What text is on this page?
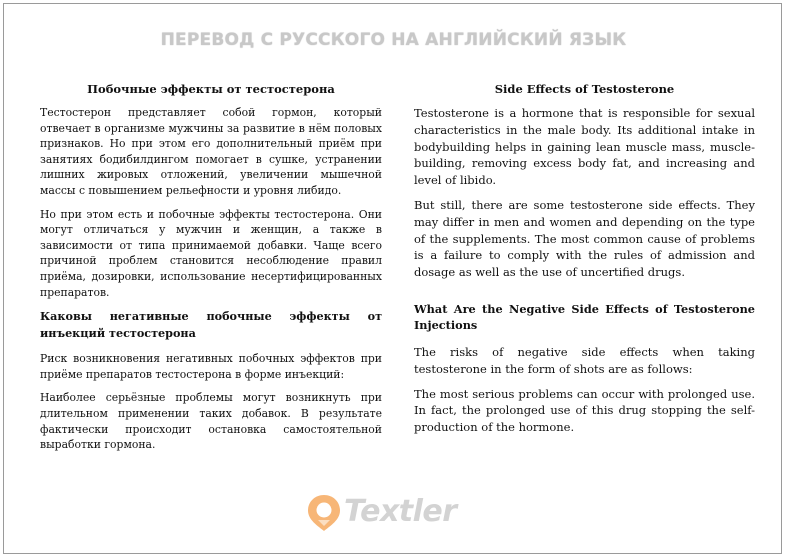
ПЕРЕВОД С РУССКОГО НА АНГЛИЙСКИЙ ЯЗЫК
Побочные эффекты от тестостерона

Тестостерон представляет собой гормон, который отвечает в организме мужчины за развитие в нём половых признаков. Но при этом его дополнительный приём при занятиях бодибилдингом помогает в сушке, устранении лишних жировых отложений, увеличении мышечной массы с повышением рельефности и уровня либидо.

Но при этом есть и побочные эффекты тестостерона. Они могут отличаться у мужчин и женщин, а также в зависимости от типа принимаемой добавки. Чаще всего причиной проблем становится несоблюдение правил приёма, дозировки, использование несертифицированных препаратов.

Каковы негативные побочные эффекты от инъекций тестостерона

Риск возникновения негативных побочных эффектов при приёме препаратов тестостерона в форме инъекций:

Наиболее серьёзные проблемы могут возникнуть при длительном применении таких добавок. В результате фактически происходит остановка самостоятельной выработки гормона.

Side Effects of Testosterone

Testosterone is a hormone that is responsible for sexual characteristics in the male body. Its additional intake in bodybuilding helps in gaining lean muscle mass, muscle-building, removing excess body fat, and increasing and level of libido.

But still, there are some testosterone side effects. They may differ in men and women and depending on the type of the supplements. The most common cause of problems is a failure to comply with the rules of admission and dosage as well as the use of uncertified drugs.

What Are the Negative Side Effects of Testosterone Injections

The risks of negative side effects when taking testosterone in the form of shots are as follows:

The most serious problems can occur with prolonged use. In fact, the prolonged use of this drug stopping the self-production of the hormone.

Textler
